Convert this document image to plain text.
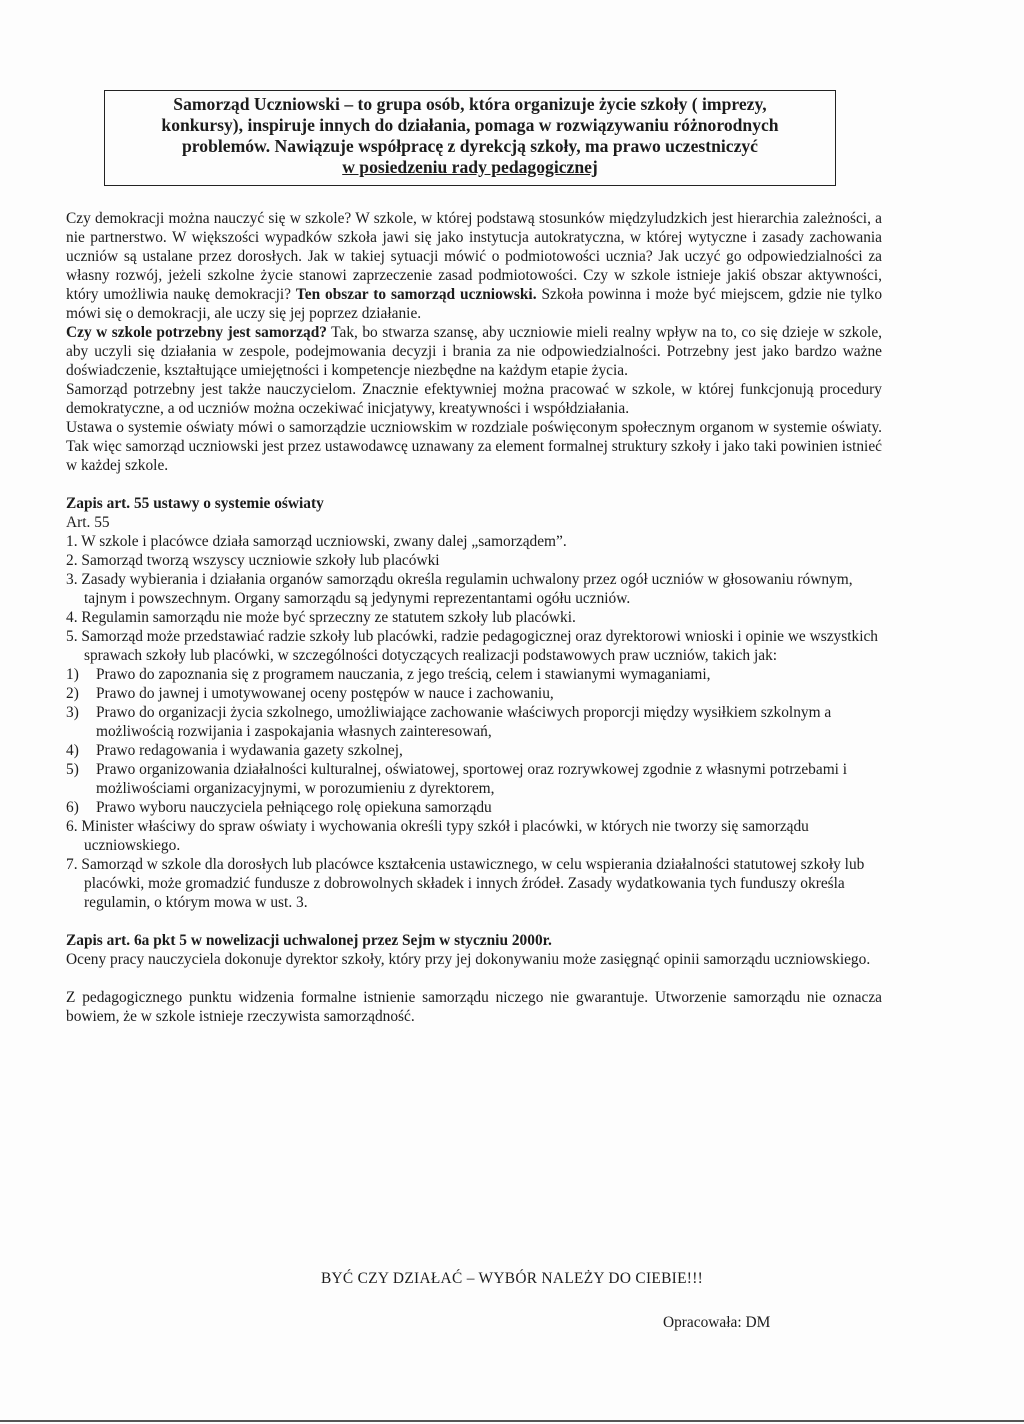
Samorząd Uczniowski – to grupa osób, która organizuje życie szkoły ( imprezy,
konkursy), inspiruje innych do działania, pomaga w rozwiązywaniu różnorodnych
problemów. Nawiązuje współpracę z dyrekcją szkoły, ma prawo uczestniczyć
w posiedzeniu rady pedagogicznej

Czy demokracji można nauczyć się w szkole? W szkole, w której podstawą stosunków międzyludzkich jest hierarchia zależności, a nie partnerstwo. W większości wypadków szkoła jawi się jako instytucja autokratyczna, w której wytyczne i zasady zachowania uczniów są ustalane przez dorosłych. Jak w takiej sytuacji mówić o podmiotowości ucznia? Jak uczyć go odpowiedzialności za własny rozwój, jeżeli szkolne życie stanowi zaprzeczenie zasad podmiotowości. Czy w szkole istnieje jakiś obszar aktywności, który umożliwia naukę demokracji? Ten obszar to samorząd uczniowski. Szkoła powinna i może być miejscem, gdzie nie tylko mówi się o demokracji, ale uczy się jej poprzez działanie.

Czy w szkole potrzebny jest samorząd? Tak, bo stwarza szansę, aby uczniowie mieli realny wpływ na to, co się dzieje w szkole, aby uczyli się działania w zespole, podejmowania decyzji i brania za nie odpowiedzialności. Potrzebny jest jako bardzo ważne doświadczenie, kształtujące umiejętności i kompetencje niezbędne na każdym etapie życia.

Samorząd potrzebny jest także nauczycielom. Znacznie efektywniej można pracować w szkole, w której funkcjonują procedury demokratyczne, a od uczniów można oczekiwać inicjatywy, kreatywności i współdziałania.

Ustawa o systemie oświaty mówi o samorządzie uczniowskim w rozdziale poświęconym społecznym organom w systemie oświaty. Tak więc samorząd uczniowski jest przez ustawodawcę uznawany za element formalnej struktury szkoły i jako taki powinien istnieć w każdej szkole.

Zapis art. 55 ustawy o systemie oświaty

Art. 55

1. W szkole i placówce działa samorząd uczniowski, zwany dalej „samorządem”.
2. Samorząd tworzą wszyscy uczniowie szkoły lub placówki
3. Zasady wybierania i działania organów samorządu określa regulamin uchwalony przez ogół uczniów w głosowaniu równym, tajnym i powszechnym. Organy samorządu są jedynymi reprezentantami ogółu uczniów.
4. Regulamin samorządu nie może być sprzeczny ze statutem szkoły lub placówki.
5. Samorząd może przedstawiać radzie szkoły lub placówki, radzie pedagogicznej oraz dyrektorowi wnioski i opinie we wszystkich sprawach szkoły lub placówki, w szczególności dotyczących realizacji podstawowych praw uczniów, takich jak:
1) Prawo do zapoznania się z programem nauczania, z jego treścią, celem i stawianymi wymaganiami,
2) Prawo do jawnej i umotywowanej oceny postępów w nauce i zachowaniu,
3) Prawo do organizacji życia szkolnego, umożliwiające zachowanie właściwych proporcji między wysiłkiem szkolnym a możliwością rozwijania i zaspokajania własnych zainteresowań,
4) Prawo redagowania i wydawania gazety szkolnej,
5) Prawo organizowania działalności kulturalnej, oświatowej, sportowej oraz rozrywkowej zgodnie z własnymi potrzebami i możliwościami organizacyjnymi, w porozumieniu z dyrektorem,
6) Prawo wyboru nauczyciela pełniącego rolę opiekuna samorządu
6. Minister właściwy do spraw oświaty i wychowania określi typy szkół i placówki, w których nie tworzy się samorządu uczniowskiego.
7. Samorząd w szkole dla dorosłych lub placówce kształcenia ustawicznego, w celu wspierania działalności statutowej szkoły lub placówki, może gromadzić fundusze z dobrowolnych składek i innych źródeł. Zasady wydatkowania tych funduszy określa regulamin, o którym mowa w ust. 3.

Zapis art. 6a pkt 5 w nowelizacji uchwalonej przez Sejm w styczniu 2000r.

Oceny pracy nauczyciela dokonuje dyrektor szkoły, który przy jej dokonywaniu może zasięgnąć opinii samorządu uczniowskiego.

Z pedagogicznego punktu widzenia formalne istnienie samorządu niczego nie gwarantuje. Utworzenie samorządu nie oznacza bowiem, że w szkole istnieje rzeczywista samorządność.

BYĆ CZY DZIAŁAĆ – WYBÓR NALEŻY DO CIEBIE!!!
Opracowała: DM
